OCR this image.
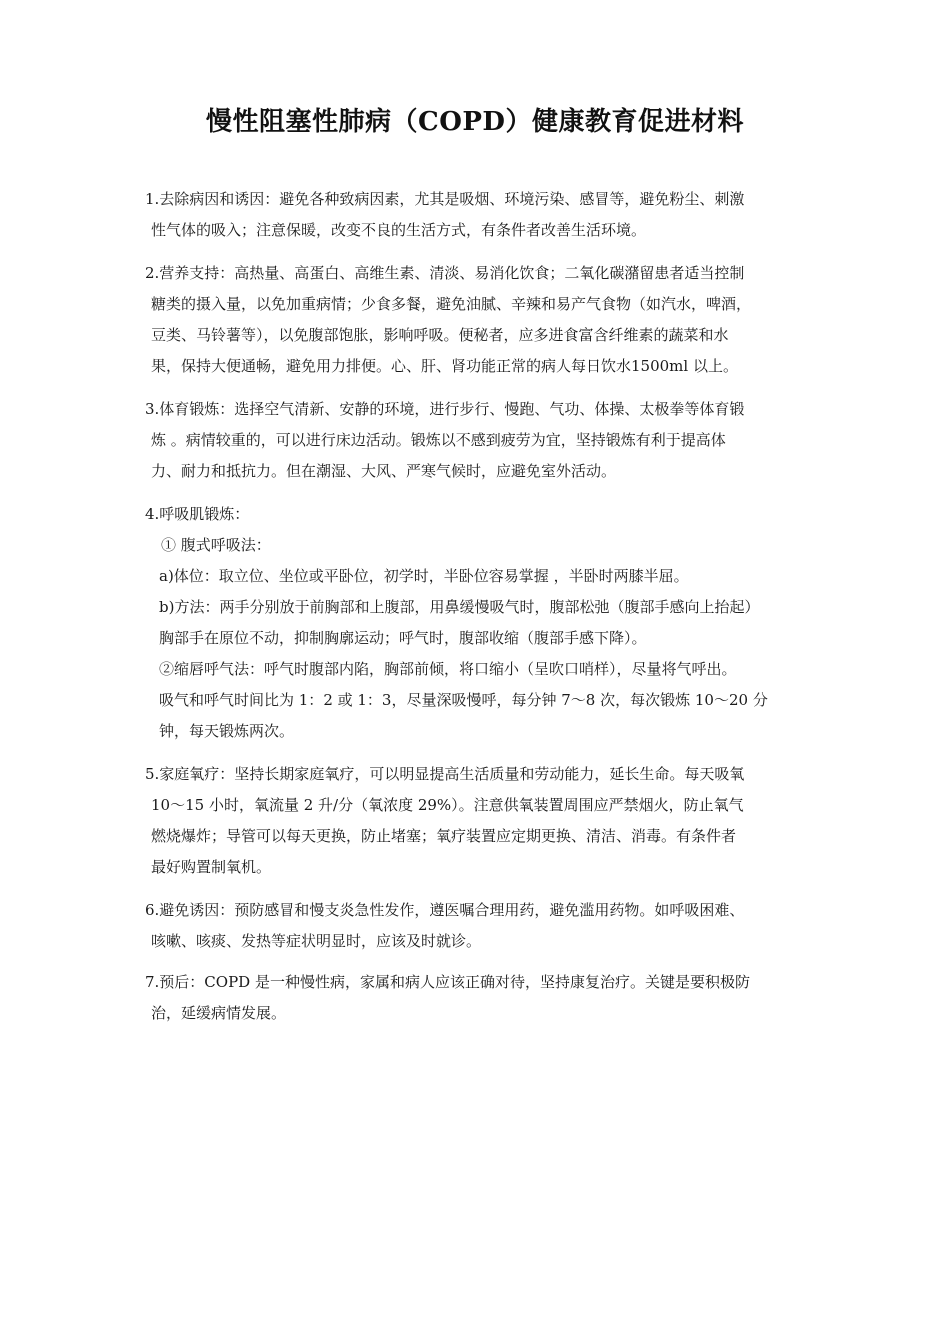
慢性阻塞性肺病（COPD）健康教育促进材料
1.去除病因和诱因：避免各种致病因素，尤其是吸烟、环境污染、感冒等，避免粉尘、刺激
性气体的吸入；注意保暖，改变不良的生活方式，有条件者改善生活环境。
2.营养支持：高热量、高蛋白、高维生素、清淡、易消化饮食；二氧化碳潴留患者适当控制
糖类的摄入量，以免加重病情；少食多餐，避免油腻、辛辣和易产气食物（如汽水，啤酒，
豆类、马铃薯等），以免腹部饱胀，影响呼吸。便秘者，应多进食富含纤维素的蔬菜和水
果，保持大便通畅，避免用力排便。心、肝、肾功能正常的病人每日饮水1500ml 以上。
3.体育锻炼：选择空气清新、安静的环境，进行步行、慢跑、气功、体操、太极拳等体育锻
炼 。病情较重的，可以进行床边活动。锻炼以不感到疲劳为宜，坚持锻炼有利于提高体
力、耐力和抵抗力。但在潮湿、大风、严寒气候时，应避免室外活动。
4.呼吸肌锻炼：
① 腹式呼吸法：
a)体位：取立位、坐位或平卧位，初学时，半卧位容易掌握 ，半卧时两膝半屈。
b)方法：两手分别放于前胸部和上腹部，用鼻缓慢吸气时，腹部松弛（腹部手感向上抬起）
胸部手在原位不动，抑制胸廓运动；呼气时，腹部收缩（腹部手感下降）。
②缩唇呼气法：呼气时腹部内陷，胸部前倾，将口缩小（呈吹口哨样），尽量将气呼出。
吸气和呼气时间比为 1：2 或 1：3，尽量深吸慢呼，每分钟 7～8 次，每次锻炼 10～20 分
钟，每天锻炼两次。
5.家庭氧疗：坚持长期家庭氧疗，可以明显提高生活质量和劳动能力，延长生命。每天吸氧
10～15 小时，氧流量 2 升/分（氧浓度 29%）。注意供氧装置周围应严禁烟火，防止氧气
燃烧爆炸；导管可以每天更换，防止堵塞；氧疗装置应定期更换、清洁、消毒。有条件者
最好购置制氧机。
6.避免诱因：预防感冒和慢支炎急性发作，遵医嘱合理用药，避免滥用药物。如呼吸困难、
咳嗽、咳痰、发热等症状明显时，应该及时就诊。
7.预后：COPD 是一种慢性病，家属和病人应该正确对待，坚持康复治疗。关键是要积极防
治，延缓病情发展。
